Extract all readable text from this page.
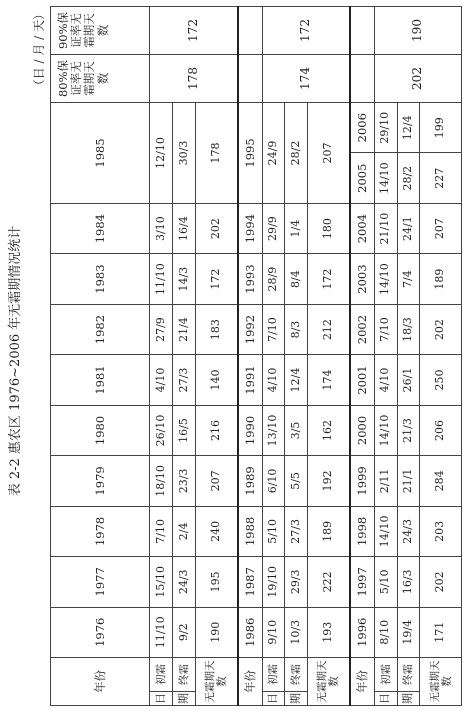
表 2-2 惠农区 1976~2006 年无霜期情况统计
（日 / 月 / 天）
年份		1976	1977	1978	1979	1980	1981	1982	1983	1984	1985		80%保证率无霜期天数	90%保证率无霜期天数
日	初霜	11/10	15/10	7/10	18/10	26/10	4/10	27/9	11/10	3/10	12/10		178	172
期	终霜	9/2	24/3	2/4	23/3	16/5	27/3	21/4	14/3	16/4	30/3			
无霜期天数		190	195	240	207	216	140	183	172	202	178			
年份		1986	1987	1988	1989	1990	1991	1992	1993	1994	1995			
日	初霜	9/10	19/10	5/10	6/10	13/10	4/10	7/10	28/9	29/9	24/9		174	172
期	终霜	10/3	29/3	27/3	5/5	3/5	12/4	8/3	8/4	1/4	28/2			
无霜期天数		193	222	189	192	162	174	212	172	180	207			
年份		1996	1997	1998	1999	2000	2001	2002	2003	2004	2005	2006		
日	初霜	8/10	5/10	14/10	2/11	14/10	4/10	7/10	14/10	21/10	14/10	29/10	202	190
期	终霜	19/4	16/3	24/3	21/1	21/3	26/1	18/3	7/4	24/1	28/2	12/4		
无霜期天数		171	202	203	284	206	250	202	189	207	227	199		
